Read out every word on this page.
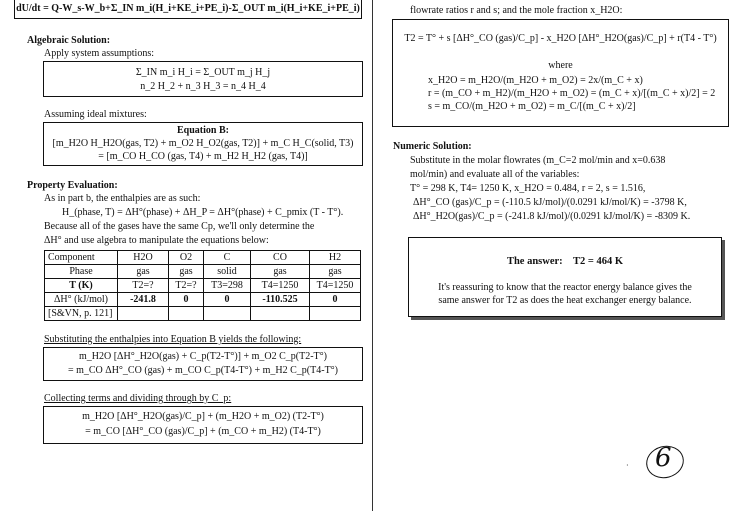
dU/dt = Q-W_s-W_b+Σ_IN m_i(H_i+KE_i+PE_i)-Σ_OUT m_i(H_i+KE_i+PE_i)
Algebraic Solution:
Apply system assumptions:
Σ_IN m_i H_i = Σ_OUT m_j H_j
n_2 H_2 + n_3 H_3 = n_4 H_4
Assuming ideal mixtures:
Equation B:
[m_H2O H_H2O(gas, T2) + m_O2 H_O2(gas, T2)] + m_C H_C(solid, T3)
= [m_CO H_CO (gas, T4) + m_H2 H_H2 (gas, T4)]
Property Evaluation:
As in part b, the enthalpies are as such:
H_(phase, T) = ΔH°(phase) + ΔH_P = ΔH°(phase) + C_pmix (T - T°).
Because all of the gases have the same Cp, we'll only determine the
ΔH° and use algebra to manipulate the equations below:
Component	H2O	O2	C	CO	H2
Phase	gas	gas	solid	gas	gas
T (K)	T2=?	T2=?	T3=298	T4=1250	T4=1250
ΔH° (kJ/mol)	-241.8	0	0	-110.525	0
[S&VN, p. 121]					
Substituting the enthalpies into Equation B yields the following:
m_H2O [ΔH°_H2O(gas) + C_p(T2-T°)] + m_O2 C_p(T2-T°)
= m_CO ΔH°_CO (gas) + m_CO C_p(T4-T°) + m_H2 C_p(T4-T°)
Collecting terms and dividing through by C_p:
m_H2O [ΔH°_H2O(gas)/C_p] + (m_H2O + m_O2) (T2-T°)
= m_CO [ΔH°_CO (gas)/C_p] + (m_CO + m_H2) (T4-T°)
flowrate ratios r and s; and the mole fraction x_H2O:
T2 = T° + s [ΔH°_CO (gas)/C_p] - x_H2O [ΔH°_H2O(gas)/C_p] + r(T4 - T°)
where
x_H2O = m_H2O/(m_H2O + m_O2) = 2x/(m_C + x)
r = (m_CO + m_H2)/(m_H2O + m_O2) = (m_C + x)/[(m_C + x)/2] = 2
s = m_CO/(m_H2O + m_O2) = m_C/[(m_C + x)/2]
Numeric Solution:
Substitute in the molar flowrates (m_C=2 mol/min and x=0.638
mol/min) and evaluate all of the variables:
T° = 298 K, T4= 1250 K, x_H2O = 0.484, r = 2, s = 1.516,
ΔH°_CO (gas)/C_p = (-110.5 kJ/mol)/(0.0291 kJ/mol/K) = -3798 K,
ΔH°_H2O(gas)/C_p = (-241.8 kJ/mol)/(0.0291 kJ/mol/K) = -8309 K.
The answer: T2 = 464 K
It's reassuring to know that the reactor energy balance gives the
same answer for T2 as does the heat exchanger energy balance.
· 6
